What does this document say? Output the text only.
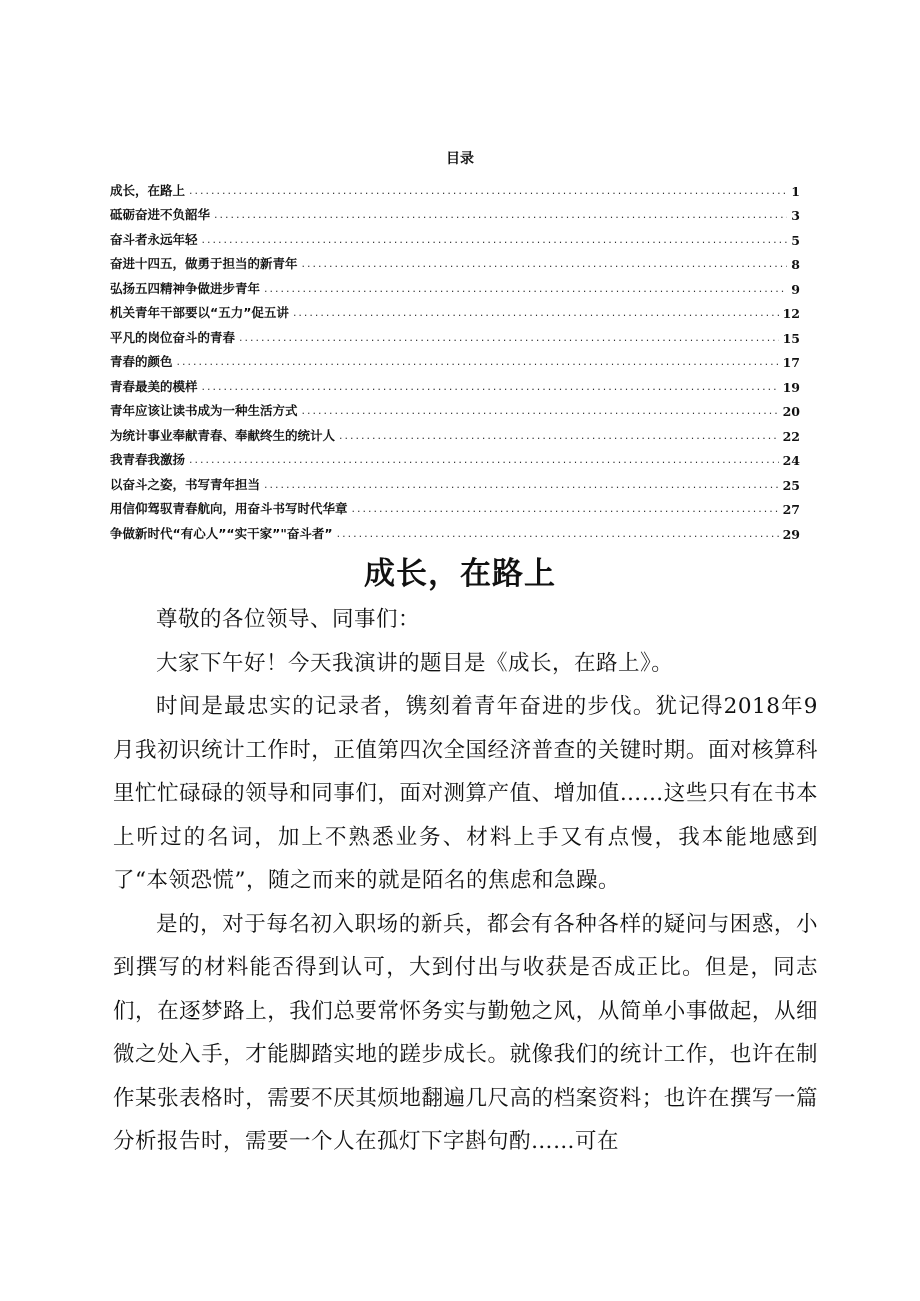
目录
成长，在路上 .....	1
砥砺奋进不负韶华 .....	3
奋斗者永远年轻 .....	5
奋进十四五，做勇于担当的新青年 .....	8
弘扬五四精神争做进步青年 .....	9
机关青年干部要以“五力”促五讲 .....	12
平凡的岗位奋斗的青春 .....	15
青春的颜色 .....	17
青春最美的模样 .....	19
青年应该让读书成为一种生活方式 .....	20
为统计事业奉献青春、奉献终生的统计人 .....	22
我青春我激扬 .....	24
以奋斗之姿，书写青年担当 .....	25
用信仰驾驭青春航向，用奋斗书写时代华章 .....	27
争做新时代“有心人”“实干家”"奋斗者” .....	29
成长，在路上

尊敬的各位领导、同事们：

大家下午好！今天我演讲的题目是《成长，在路上》。

时间是最忠实的记录者，镌刻着青年奋进的步伐。犹记得2018年9月我初识统计工作时，正值第四次全国经济普查的关键时期。面对核算科里忙忙碌碌的领导和同事们，面对测算产值、增加值……这些只有在书本上听过的名词，加上不熟悉业务、材料上手又有点慢，我本能地感到了“本领恐慌”，随之而来的就是陌名的焦虑和急躁。

是的，对于每名初入职场的新兵，都会有各种各样的疑问与困惑，小到撰写的材料能否得到认可，大到付出与收获是否成正比。但是，同志们，在逐梦路上，我们总要常怀务实与勤勉之风，从简单小事做起，从细微之处入手，才能脚踏实地的蹉步成长。就像我们的统计工作，也许在制作某张表格时，需要不厌其烦地翻遍几尺高的档案资料；也许在撰写一篇分析报告时，需要一个人在孤灯下字斟句酌……可在
